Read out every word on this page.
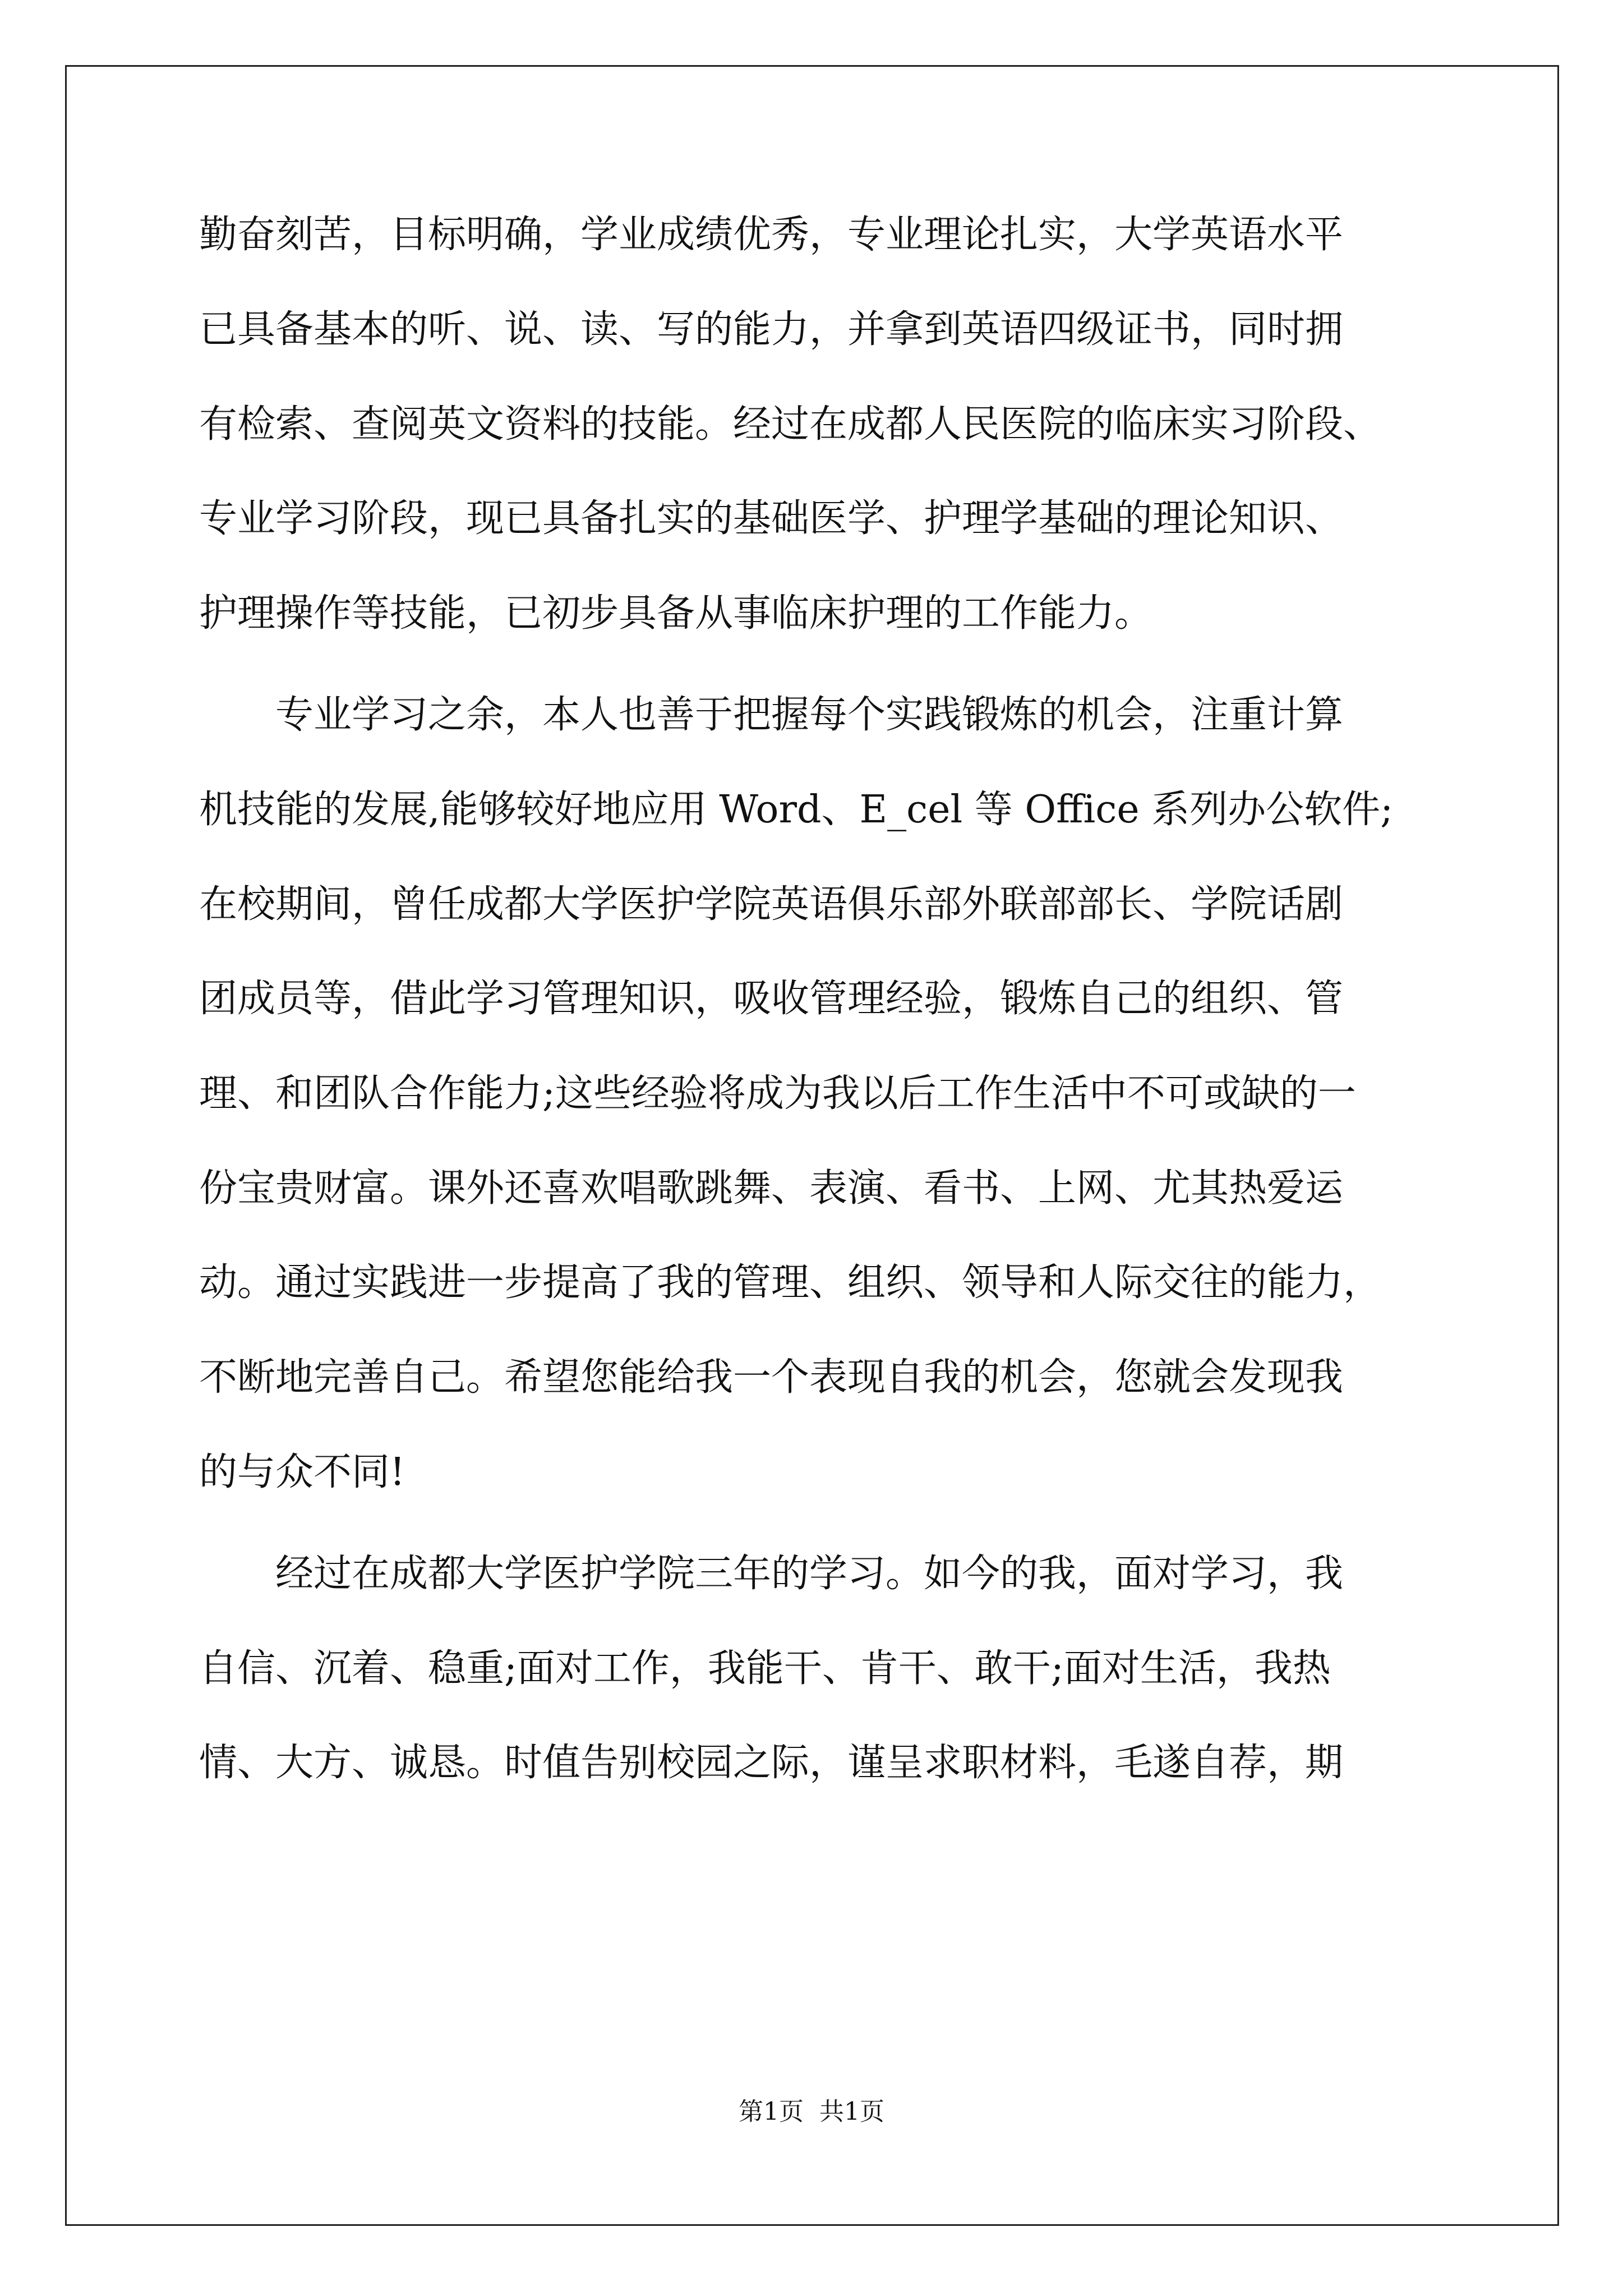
勤奋刻苦，目标明确，学业成绩优秀，专业理论扎实，大学英语水平
已具备基本的听、说、读、写的能力，并拿到英语四级证书，同时拥
有检索、查阅英文资料的技能。经过在成都人民医院的临床实习阶段、
专业学习阶段，现已具备扎实的基础医学、护理学基础的理论知识、
护理操作等技能，已初步具备从事临床护理的工作能力。
　　专业学习之余，本人也善于把握每个实践锻炼的机会，注重计算
机技能的发展,能够较好地应用 Word、E_cel 等 Office 系列办公软件;
在校期间，曾任成都大学医护学院英语俱乐部外联部部长、学院话剧
团成员等，借此学习管理知识，吸收管理经验，锻炼自己的组织、管
理、和团队合作能力;这些经验将成为我以后工作生活中不可或缺的一
份宝贵财富。课外还喜欢唱歌跳舞、表演、看书、上网、尤其热爱运
动。通过实践进一步提高了我的管理、组织、领导和人际交往的能力，
不断地完善自己。希望您能给我一个表现自我的机会，您就会发现我
的与众不同!
　　经过在成都大学医护学院三年的学习。如今的我，面对学习，我
自信、沉着、稳重;面对工作，我能干、肯干、敢干;面对生活，我热
情、大方、诚恳。时值告别校园之际，谨呈求职材料，毛遂自荐，期
第1页  共1页
